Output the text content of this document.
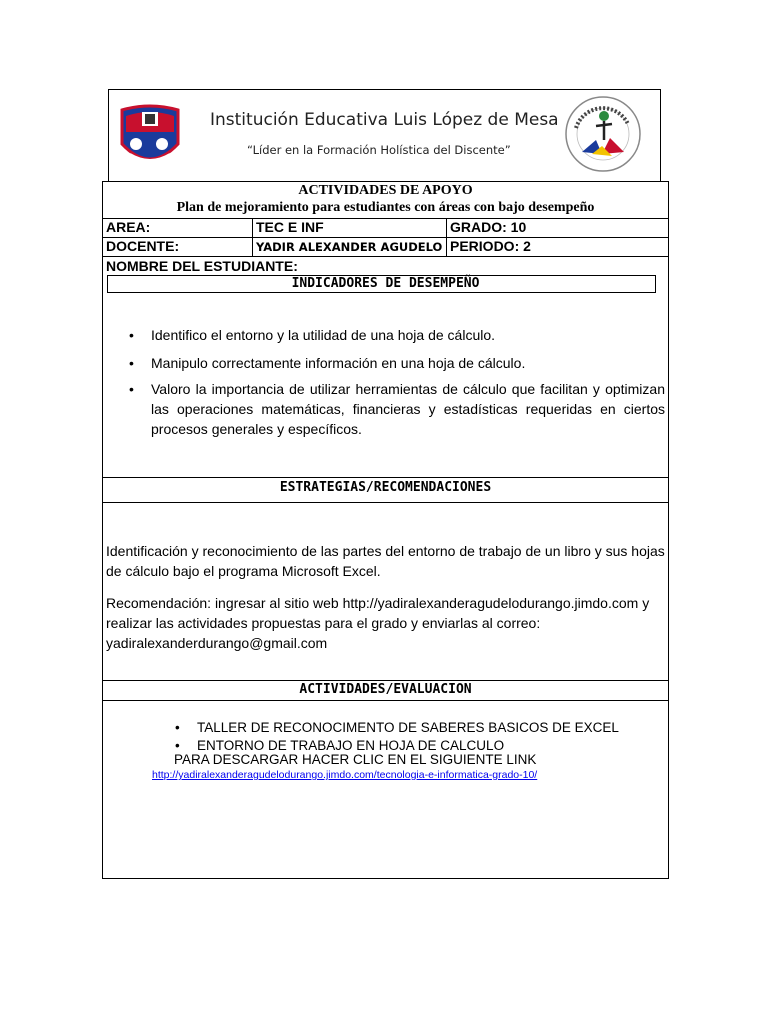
Institución Educativa Luis López de Mesa
“Líder en la Formación Holística del Discente”
ACTIVIDADES DE APOYO
Plan de mejoramiento para estudiantes con áreas con bajo desempeño
AREA:	TEC E INF	GRADO: 10
DOCENTE:	YADIR ALEXANDER AGUDELO PERIODO: 2
NOMBRE DEL ESTUDIANTE:
INDICADORES DE DESEMPEÑO
• Identifico el entorno y la utilidad de una hoja de cálculo.
• Manipulo correctamente información en una hoja de cálculo.
• Valoro la importancia de utilizar herramientas de cálculo que facilitan y optimizan las operaciones matemáticas, financieras y estadísticas requeridas en ciertos procesos generales y específicos.
ESTRATEGIAS/RECOMENDACIONES
Identificación y reconocimiento de las partes del entorno de trabajo de un libro y sus hojas de cálculo bajo el programa Microsoft Excel.
Recomendación: ingresar al sitio web http://yadiralexanderagudelodurango.jimdo.com y realizar las actividades propuestas para el grado y enviarlas al correo: yadiralexanderdurango@gmail.com
ACTIVIDADES/EVALUACION
• TALLER DE RECONOCIMENTO DE SABERES BASICOS DE EXCEL
• ENTORNO DE TRABAJO EN HOJA DE CALCULO
PARA DESCARGAR HACER CLIC EN EL SIGUIENTE LINK
http://yadiralexanderagudelodurango.jimdo.com/tecnologia-e-informatica-grado-10/
